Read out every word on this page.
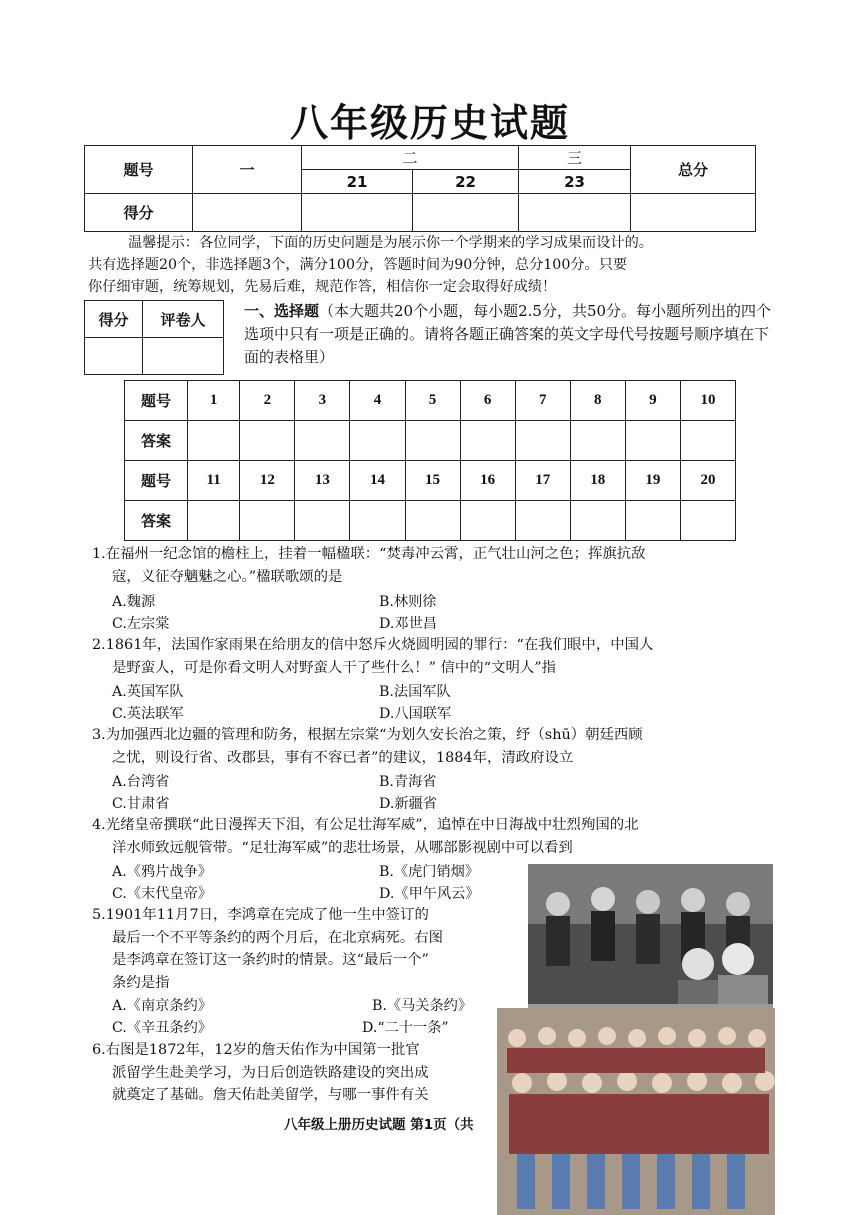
八年级历史试题
题号	一	二		三	总分
		21	22	23	
得分					

温馨提示：各位同学，下面的历史问题是为展示你一个学期来的学习成果而设计的。

共有选择题20个，非选择题3个，满分100分，答题时间为90分钟，总分100分。只要

你仔细审题，统筹规划，先易后难，规范作答，相信你一定会取得好成绩！

得分	评卷人
		一、选择题（本大题共20个小题，每小题2.5分，共50分。每小题所列出的四个选项中只有一项是正确的。请将各题正确答案的英文字母代号按题号顺序填在下面的表格里）
题号	1	2	3	4	5	6	7	8	9	10
答案										
题号	11	12	13	14	15	16	17	18	19	20
答案										
1.在福州一纪念馆的檐柱上，挂着一幅楹联：“焚毒冲云霄，正气壮山河之色；挥旗抗敌
寇，义征夺魑魅之心。”楹联歌颂的是
A.魏源	B.林则徐
C.左宗棠	D.邓世昌
2.1861年，法国作家雨果在给朋友的信中怒斥火烧圆明园的罪行：“在我们眼中，中国人
是野蛮人，可是你看文明人对野蛮人干了些什么！” 信中的“文明人”指
A.英国军队	B.法国军队
C.英法联军	D.八国联军
3.为加强西北边疆的管理和防务，根据左宗棠“为划久安长治之策，纾（shū）朝廷西顾
之忧，则设行省、改郡县，事有不容已者”的建议，1884年，清政府设立
A.台湾省	B.青海省
C.甘肃省	D.新疆省
4.光绪皇帝撰联“此日漫挥天下泪，有公足壮海军威”，追悼在中日海战中壮烈殉国的北
洋水师致远舰管带。“足壮海军威”的悲壮场景，从哪部影视剧中可以看到
A.《鸦片战争》	B.《虎门销烟》
C.《末代皇帝》	D.《甲午风云》
5.1901年11月7日，李鸿章在完成了他一生中签订的
最后一个不平等条约的两个月后，在北京病死。右图
是李鸿章在签订这一条约时的情景。这“最后一个”
条约是指
A.《南京条约》	B.《马关条约》
C.《辛丑条约》	D.“二十一条”
6.右图是1872年，12岁的詹天佑作为中国第一批官
派留学生赴美学习，为日后创造铁路建设的突出成
就奠定了基础。詹天佑赴美留学，与哪一事件有关
八年级上册历史试题 第1页（共
